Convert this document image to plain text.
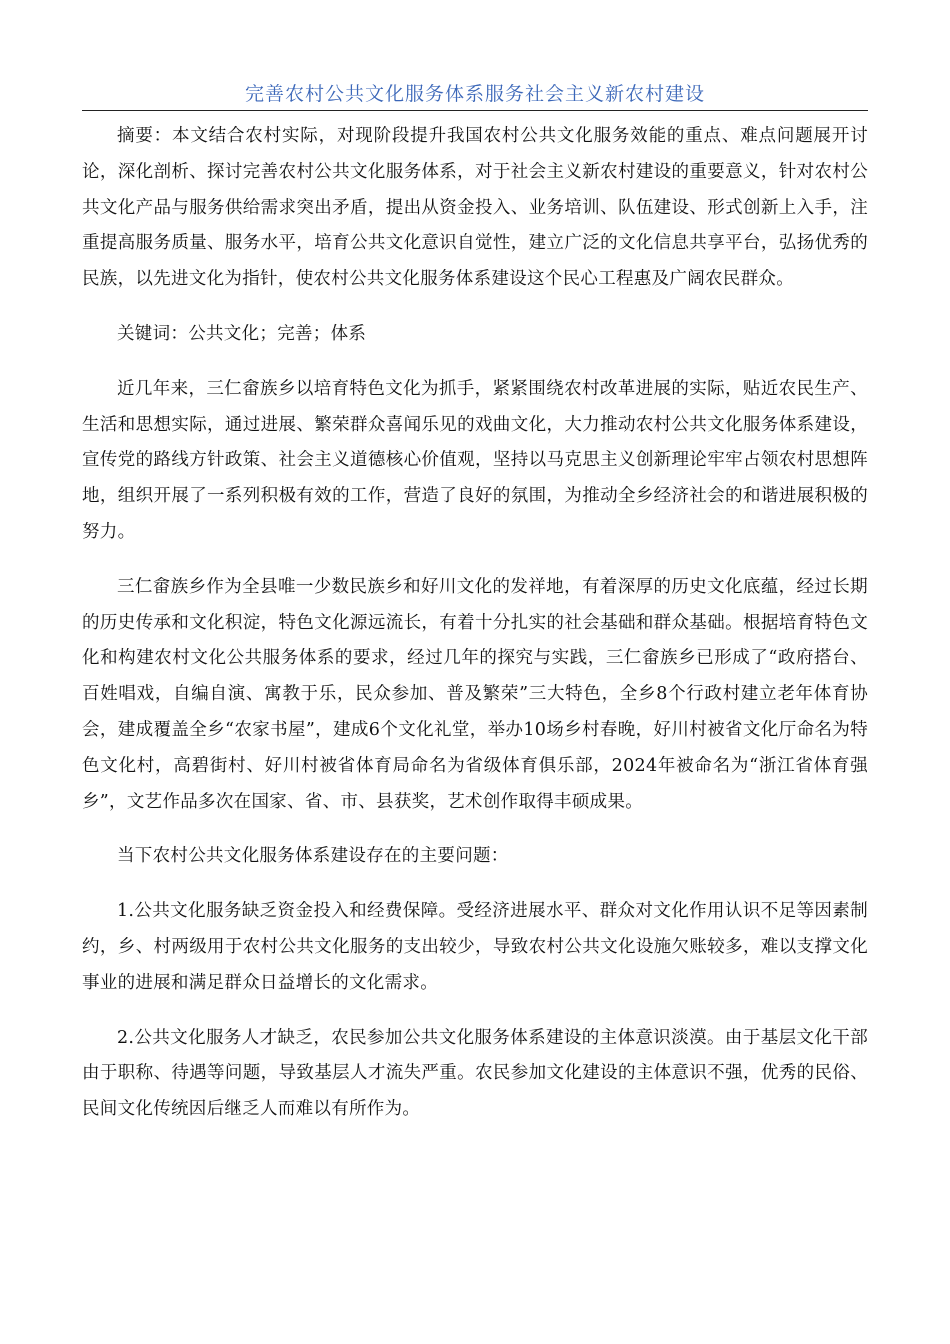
完善农村公共文化服务体系服务社会主义新农村建设

摘要：本文结合农村实际，对现阶段提升我国农村公共文化服务效能的重点、难点问题展开讨论，深化剖析、探讨完善农村公共文化服务体系，对于社会主义新农村建设的重要意义，针对农村公共文化产品与服务供给需求突出矛盾，提出从资金投入、业务培训、队伍建设、形式创新上入手，注重提高服务质量、服务水平，培育公共文化意识自觉性，建立广泛的文化信息共享平台，弘扬优秀的民族，以先进文化为指针，使农村公共文化服务体系建设这个民心工程惠及广阔农民群众。

关键词：公共文化；完善；体系

近几年来，三仁畲族乡以培育特色文化为抓手，紧紧围绕农村改革进展的实际，贴近农民生产、生活和思想实际，通过进展、繁荣群众喜闻乐见的戏曲文化，大力推动农村公共文化服务体系建设，宣传党的路线方针政策、社会主义道德核心价值观，坚持以马克思主义创新理论牢牢占领农村思想阵地，组织开展了一系列积极有效的工作，营造了良好的氛围，为推动全乡经济社会的和谐进展积极的努力。

三仁畲族乡作为全县唯一少数民族乡和好川文化的发祥地，有着深厚的历史文化底蕴，经过长期的历史传承和文化积淀，特色文化源远流长，有着十分扎实的社会基础和群众基础。根据培育特色文化和构建农村文化公共服务体系的要求，经过几年的探究与实践，三仁畲族乡已形成了“政府搭台、百姓唱戏，自编自演、寓教于乐，民众参加、普及繁荣”三大特色，全乡8个行政村建立老年体育协会，建成覆盖全乡“农家书屋”，建成6个文化礼堂，举办10场乡村春晚，好川村被省文化厅命名为特色文化村，高碧街村、好川村被省体育局命名为省级体育俱乐部，2024年被命名为“浙江省体育强乡”，文艺作品多次在国家、省、市、县获奖，艺术创作取得丰硕成果。

当下农村公共文化服务体系建设存在的主要问题：

1.公共文化服务缺乏资金投入和经费保障。受经济进展水平、群众对文化作用认识不足等因素制约，乡、村两级用于农村公共文化服务的支出较少，导致农村公共文化设施欠账较多，难以支撑文化事业的进展和满足群众日益增长的文化需求。

2.公共文化服务人才缺乏，农民参加公共文化服务体系建设的主体意识淡漠。由于基层文化干部由于职称、待遇等问题，导致基层人才流失严重。农民参加文化建设的主体意识不强，优秀的民俗、民间文化传统因后继乏人而难以有所作为。
